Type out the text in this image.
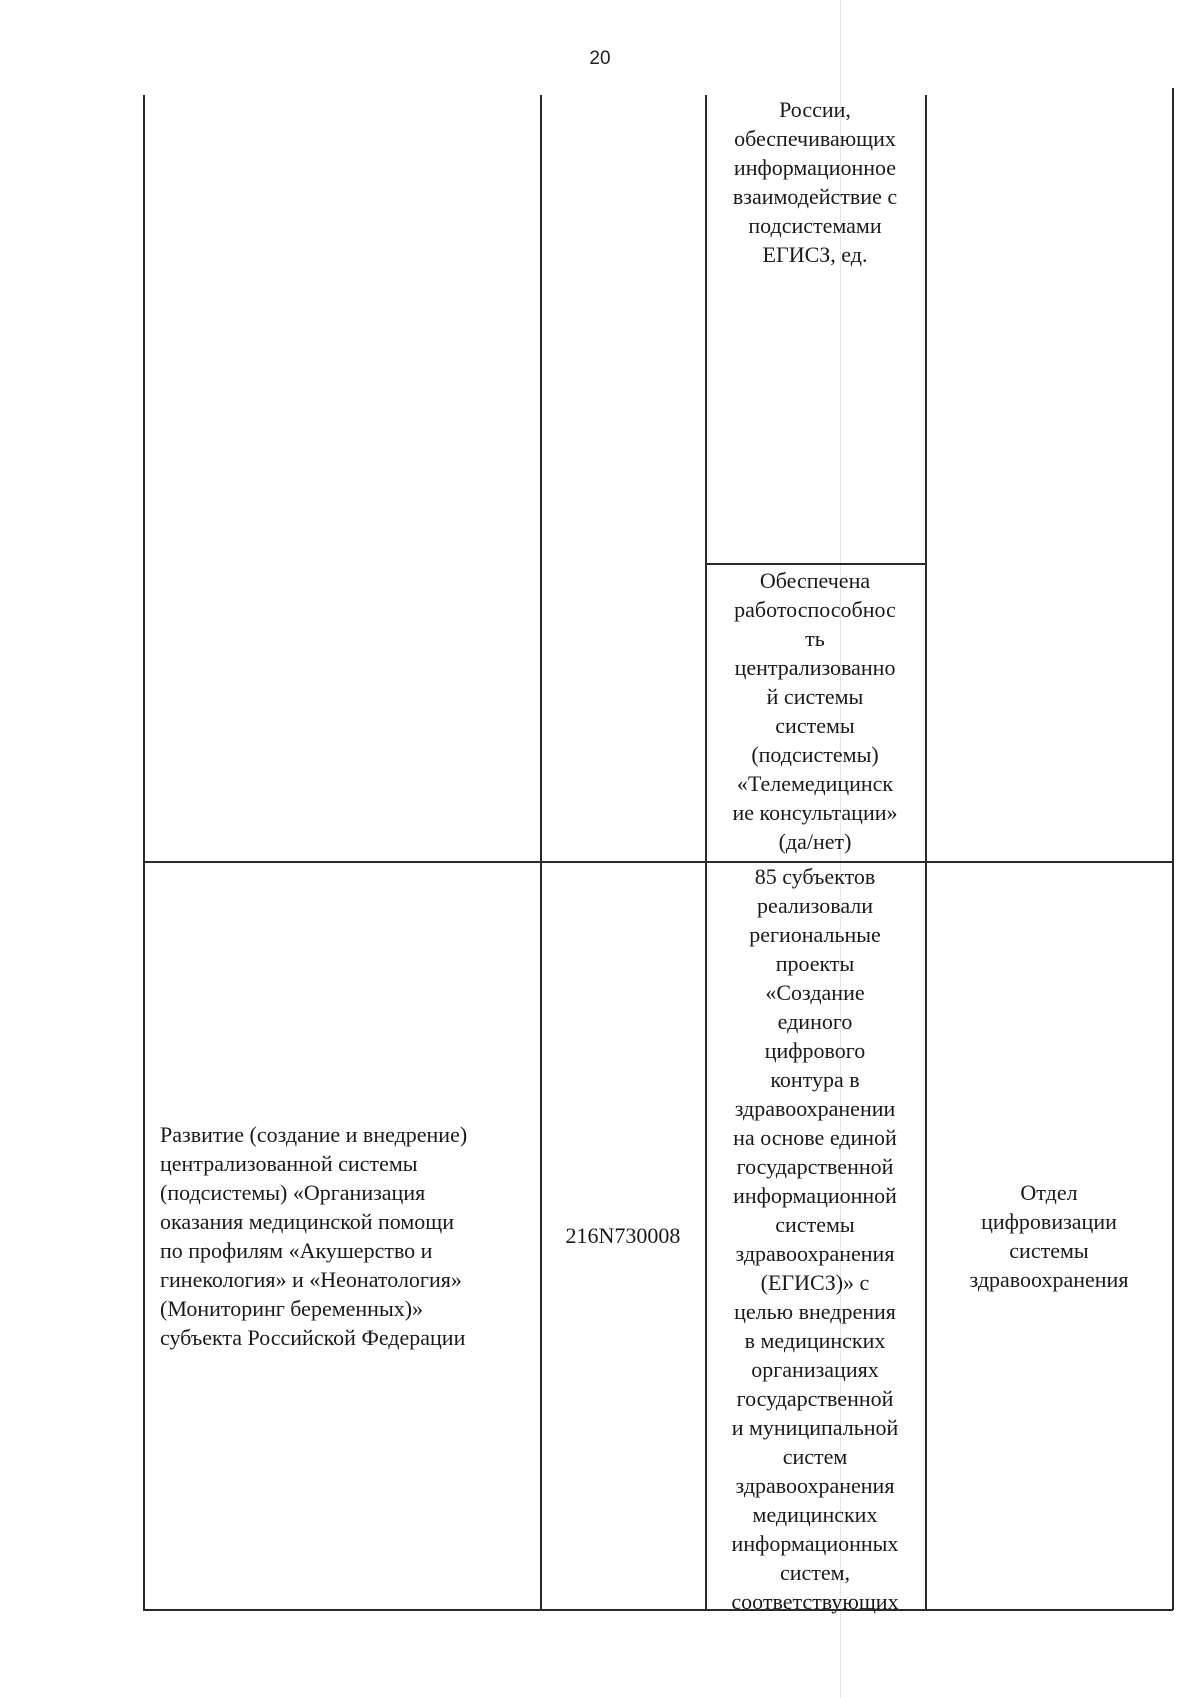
20
России,
обеспечивающих
информационное
взаимодействие с
подсистемами
ЕГИСЗ, ед.
Обеспечена
работоспособнос
ть
централизованно
й системы
системы
(подсистемы)
«Телемедицинск
ие консультации»
(да/нет)
Развитие (создание и внедрение)
централизованной системы
(подсистемы) «Организация
оказания медицинской помощи
по профилям «Акушерство и
гинекология» и «Неонатология»
(Мониторинг беременных)»
субъекта Российской Федерации
216N730008
85 субъектов
реализовали
региональные
проекты
«Создание
единого
цифрового
контура в
здравоохранении
на основе единой
государственной
информационной
системы
здравоохранения
(ЕГИСЗ)» с
целью внедрения
в медицинских
организациях
государственной
и муниципальной
систем
здравоохранения
медицинских
информационных
систем,
соответствующих
Отдел
цифровизации
системы
здравоохранения
